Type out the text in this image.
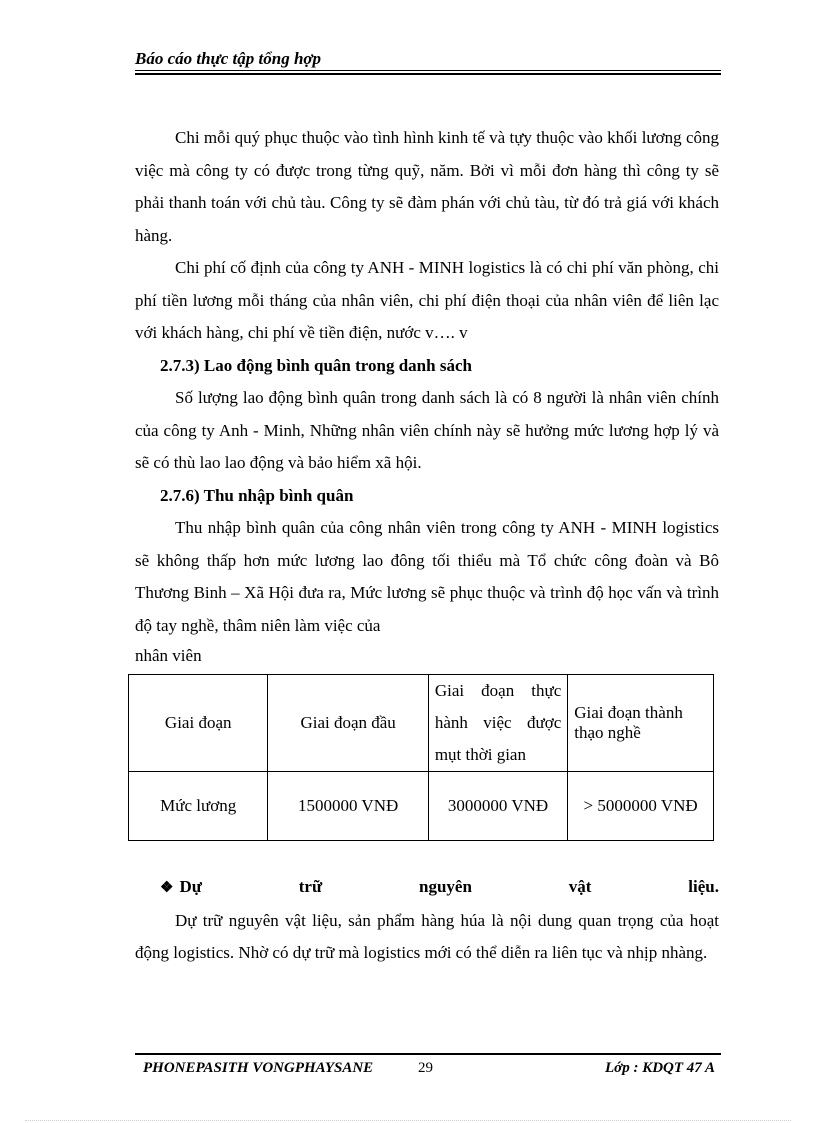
Báo cáo thực tập tổng hợp

Chi mỗi quý phục thuộc vào tình hình kinh tế và tựy thuộc vào khối lương công việc mà công ty có được trong từng quỹ, năm. Bởi vì mỗi đơn hàng thì công ty sẽ phải thanh toán với chủ tàu. Công ty sẽ đàm phán với chủ tàu, từ đó trả giá với khách hàng.

Chi phí cố định của công ty ANH - MINH logistics là có chi phí văn phòng, chi phí tiền lương mỗi tháng của nhân viên, chi phí điện thoại của nhân viên để liên lạc với khách hàng, chi phí về tiền điện, nước v…. v

2.7.3) Lao động bình quân trong danh sách

Số lượng lao động bình quân trong danh sách là có 8 người là nhân viên chính của công ty Anh - Minh, Những nhân viên chính này sẽ hưởng mức lương hợp lý và sẽ có thù lao lao động và bảo hiểm xã hội.

2.7.6) Thu nhập bình quân

Thu nhập bình quân của công nhân viên trong công ty ANH - MINH logistics sẽ không thấp hơn mức lương lao đông tối thiểu mà Tổ chức công đoàn và Bô Thương Binh – Xã Hội đưa ra, Mức lương sẽ phục thuộc và trình độ học vấn và trình độ tay nghề, thâm niên làm việc của

nhân viên

Giai đoạn	Giai đoạn đầu	Giai đoạn thực hành việc được mụt thời gian	Giai đoạn thành thạo nghề
Mức lương	1500000 VNĐ	3000000 VNĐ	> 5000000 VNĐ
❖ Dự	trữ	nguyên	vật	liệu.

Dự trữ nguyên vật liệu, sản phẩm hàng húa là nội dung quan trọng của hoạt động logistics. Nhờ có dự trữ mà logistics mới có thể diễn ra liên tục và nhịp nhàng.

PHONEPASITH VONGPHAYSANE	29	Lớp : KDQT 47 A
